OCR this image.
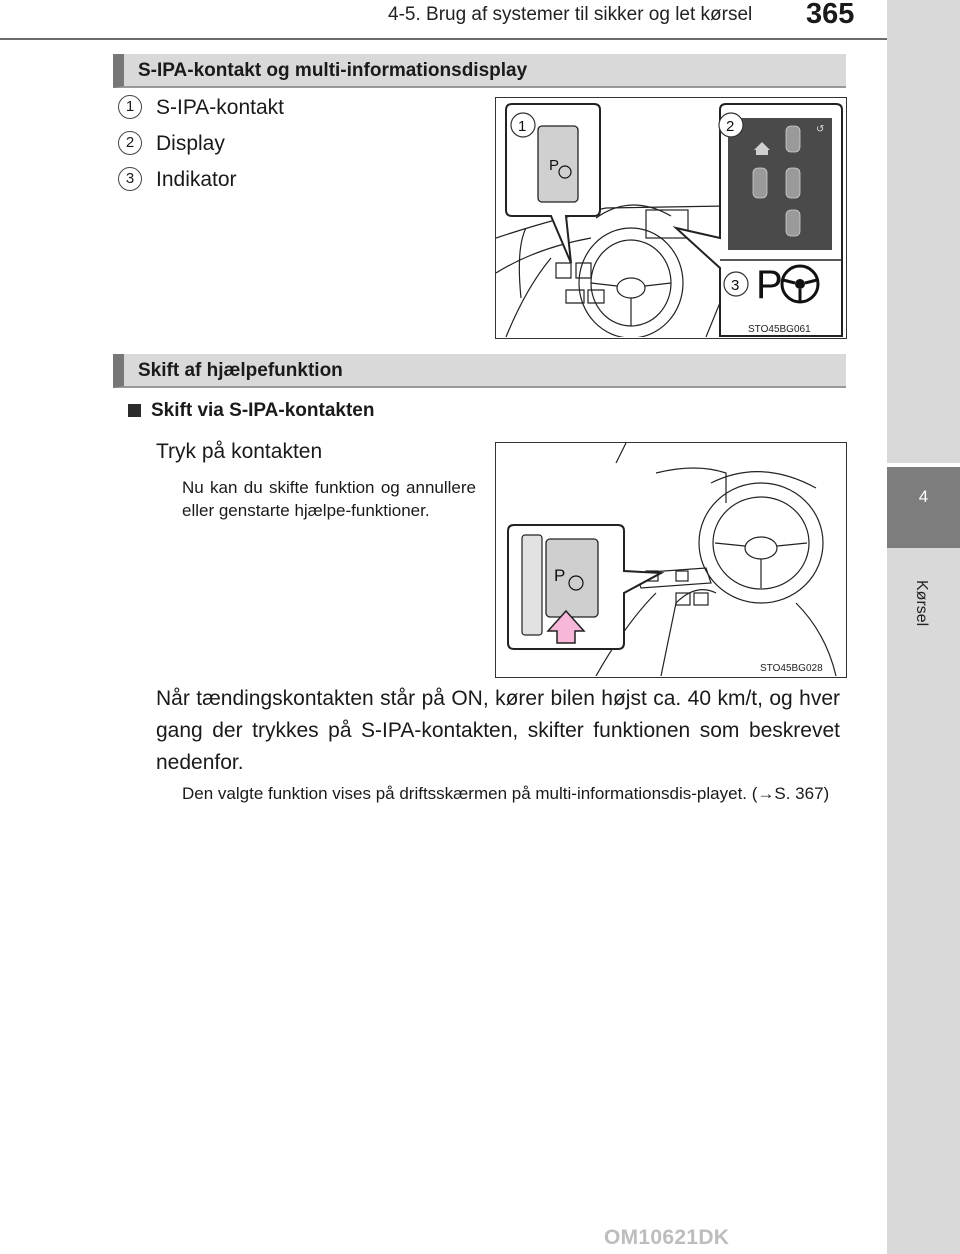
4-5. Brug af systemer til sikker og let kørsel 365
4
Kørsel
S-IPA-kontakt og multi-informationsdisplay
1	S-IPA-kontakt
2	Display
3	Indikator
P
1	↺
2
3 P
STO45BG061
Skift af hjælpefunktion
Skift via S-IPA-kontakten
Tryk på kontakten
Nu kan du skifte funktion og annullere eller genstarte hjælpe-funktioner.
P
STO45BG028
Når tændingskontakten står på ON, kører bilen højst ca. 40 km/t, og hver gang der trykkes på S-IPA-kontakten, skifter funktionen som beskrevet nedenfor.
Den valgte funktion vises på driftsskærmen på multi-informationsdis-playet. (→S. 367)
OM10621DK
